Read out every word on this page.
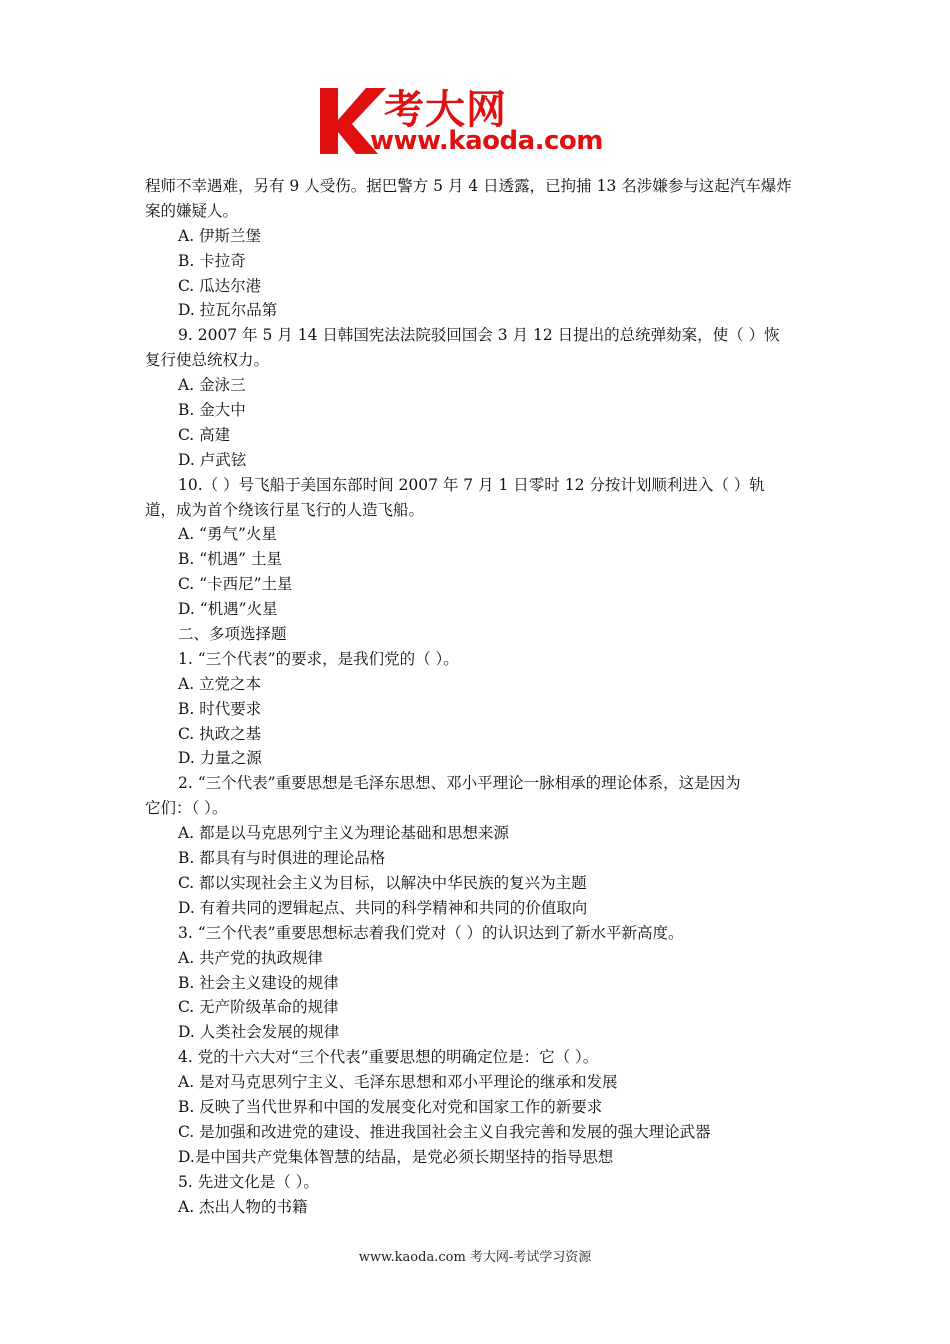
考大网
www.kaoda.com
程师不幸遇难，另有 9 人受伤。据巴警方 5 月 4 日透露，已拘捕 13 名涉嫌参与这起汽车爆炸
案的嫌疑人。
A. 伊斯兰堡
B. 卡拉奇
C. 瓜达尔港
D. 拉瓦尔品第
9. 2007 年 5 月 14 日韩国宪法法院驳回国会 3 月 12 日提出的总统弹劾案，使（ ）恢
复行使总统权力。
A. 金泳三
B. 金大中
C. 高建
D. 卢武铉
10.（ ）号飞船于美国东部时间 2007 年 7 月 1 日零时 12 分按计划顺利进入（ ）轨
道，成为首个绕该行星飞行的人造飞船。
A. “勇气”火星
B. “机遇” 土星
C. “卡西尼”土星
D. “机遇”火星
二、多项选择题
1. “三个代表”的要求，是我们党的（ ）。
A. 立党之本
B. 时代要求
C. 执政之基
D. 力量之源
2. “三个代表”重要思想是毛泽东思想、邓小平理论一脉相承的理论体系，这是因为
它们：（ ）。
A. 都是以马克思列宁主义为理论基础和思想来源
B. 都具有与时俱进的理论品格
C. 都以实现社会主义为目标，以解决中华民族的复兴为主题
D. 有着共同的逻辑起点、共同的科学精神和共同的价值取向
3. “三个代表”重要思想标志着我们党对（ ）的认识达到了新水平新高度。
A. 共产党的执政规律
B. 社会主义建设的规律
C. 无产阶级革命的规律
D. 人类社会发展的规律
4. 党的十六大对“三个代表”重要思想的明确定位是：它（ ）。
A. 是对马克思列宁主义、毛泽东思想和邓小平理论的继承和发展
B. 反映了当代世界和中国的发展变化对党和国家工作的新要求
C. 是加强和改进党的建设、推进我国社会主义自我完善和发展的强大理论武器
D.是中国共产党集体智慧的结晶，是党必须长期坚持的指导思想
5. 先进文化是（ ）。
A. 杰出人物的书籍
www.kaoda.com 考大网-考试学习资源
